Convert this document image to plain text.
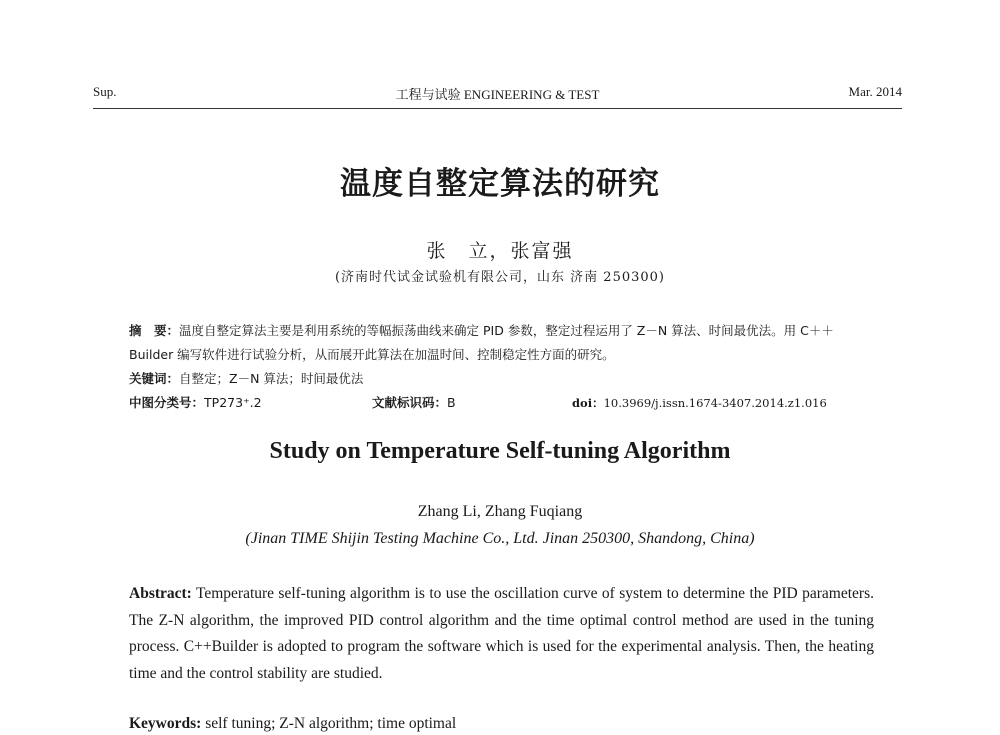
Sup.	工程与试验 ENGINEERING & TEST	Mar. 2014
温度自整定算法的研究
张　立，张富强
(济南时代试金试验机有限公司，山东 济南 250300)
摘　要：温度自整定算法主要是利用系统的等幅振荡曲线来确定 PID 参数，整定过程运用了 Z－N 算法、时间最优法。用 C＋＋Builder 编写软件进行试验分析，从而展开此算法在加温时间、控制稳定性方面的研究。
关键词：自整定；Z－N 算法；时间最优法
中图分类号：TP273⁺.2	文献标识码：B	doi：10.3969/j.issn.1674-3407.2014.z1.016
Study on Temperature Self-tuning Algorithm
Zhang Li, Zhang Fuqiang
(Jinan TIME Shijin Testing Machine Co., Ltd. Jinan 250300, Shandong, China)
Abstract: Temperature self-tuning algorithm is to use the oscillation curve of system to determine the PID parameters. The Z-N algorithm, the improved PID control algorithm and the time optimal control method are used in the tuning process. C++Builder is adopted to program the software which is used for the experimental analysis. Then, the heating time and the control stability are studied.
Keywords: self tuning; Z-N algorithm; time optimal
